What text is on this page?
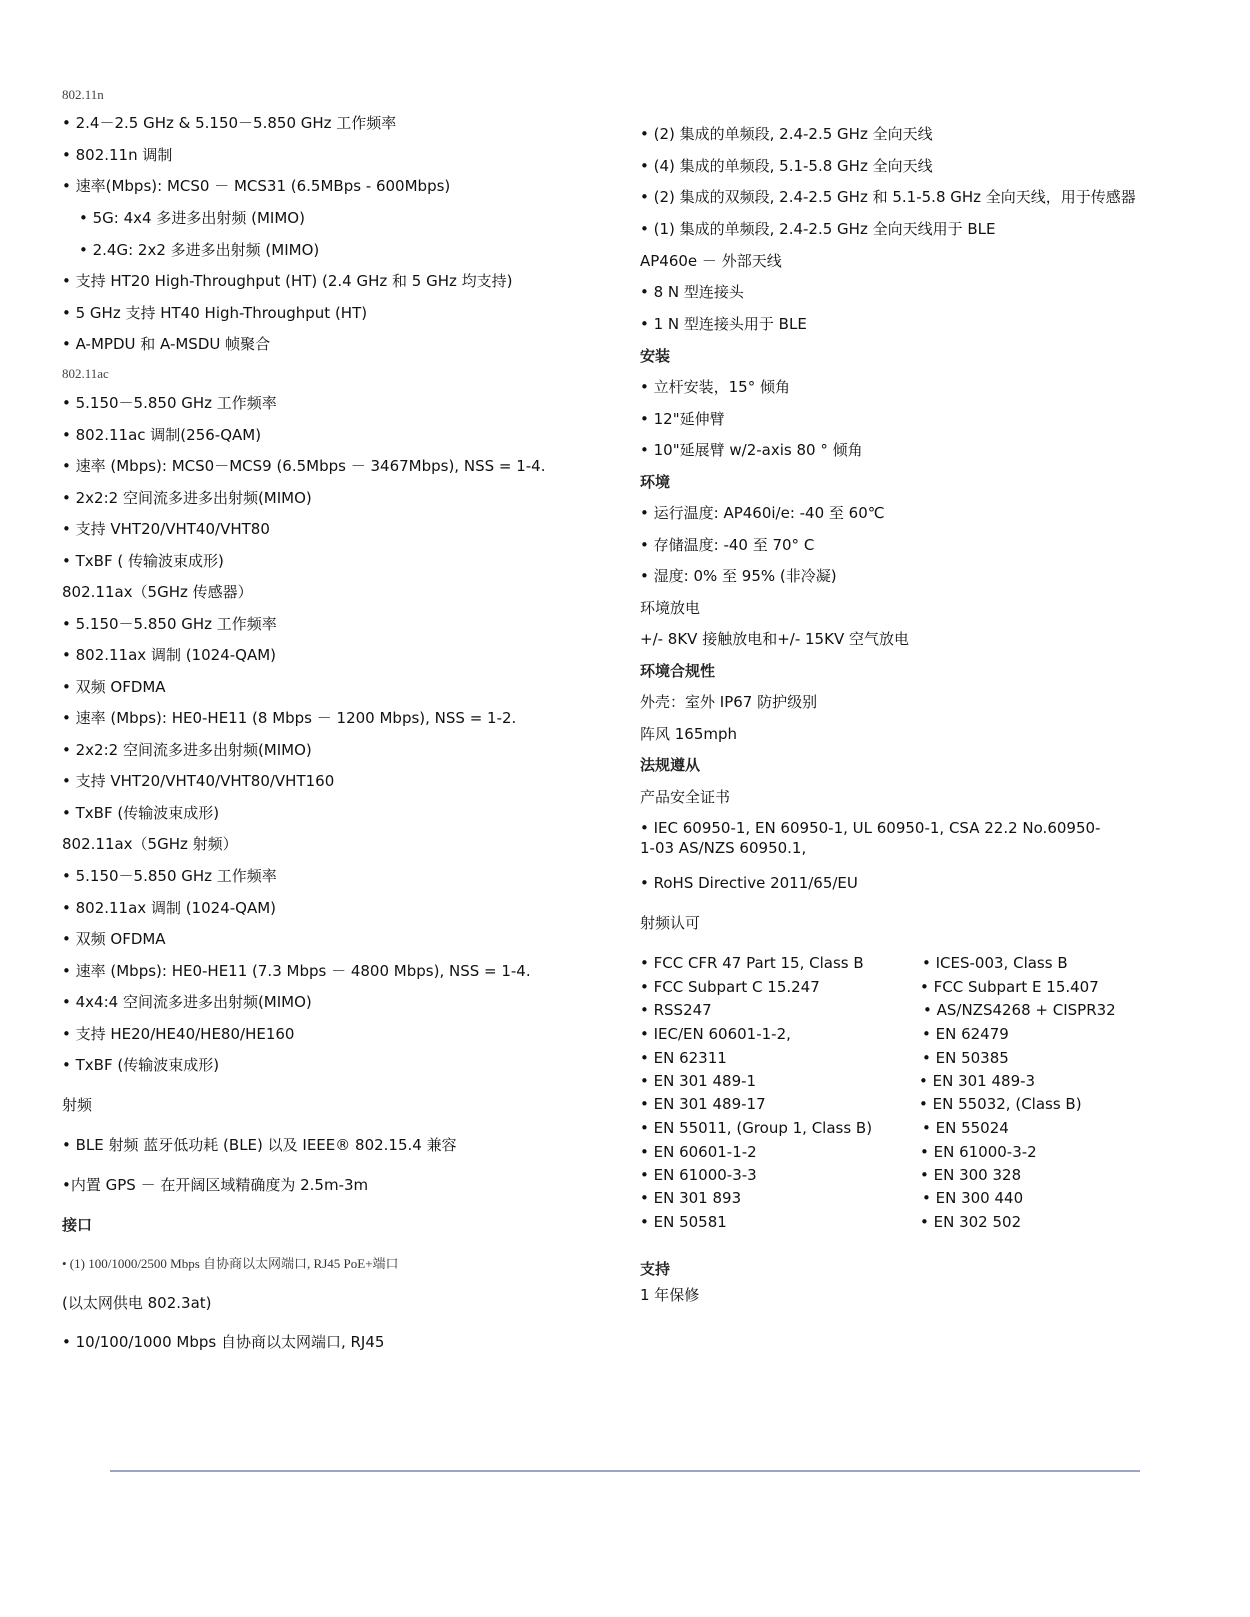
802.11n
• 2.4－2.5 GHz & 5.150－5.850 GHz 工作频率
• 802.11n 调制
• 速率(Mbps): MCS0 － MCS31 (6.5MBps - 600Mbps)
• 5G: 4x4 多进多出射频 (MIMO)
• 2.4G: 2x2 多进多出射频 (MIMO)
• 支持 HT20 High-Throughput (HT) (2.4 GHz 和 5 GHz 均支持)
• 5 GHz 支持 HT40 High-Throughput (HT)
• A-MPDU 和 A-MSDU 帧聚合
802.11ac
• 5.150－5.850 GHz 工作频率
• 802.11ac 调制(256-QAM)
• 速率 (Mbps): MCS0－MCS9 (6.5Mbps － 3467Mbps), NSS = 1-4.
• 2x2:2 空间流多进多出射频(MIMO)
• 支持 VHT20/VHT40/VHT80
• TxBF ( 传输波束成形)
802.11ax（5GHz 传感器）
• 5.150－5.850 GHz 工作频率
• 802.11ax 调制 (1024-QAM)
• 双频 OFDMA
• 速率 (Mbps): HE0-HE11 (8 Mbps － 1200 Mbps), NSS = 1-2.
• 2x2:2 空间流多进多出射频(MIMO)
• 支持 VHT20/VHT40/VHT80/VHT160
• TxBF (传输波束成形)
802.11ax（5GHz 射频）
• 5.150－5.850 GHz 工作频率
• 802.11ax 调制 (1024-QAM)
• 双频 OFDMA
• 速率 (Mbps): HE0-HE11 (7.3 Mbps － 4800 Mbps), NSS = 1-4.
• 4x4:4 空间流多进多出射频(MIMO)
• 支持 HE20/HE40/HE80/HE160
• TxBF (传输波束成形)
射频
• BLE 射频 蓝牙低功耗 (BLE) 以及 IEEE® 802.15.4 兼容
•内置 GPS － 在开阔区域精确度为 2.5m-3m
接口
• (1) 100/1000/2500 Mbps 自协商以太网端口, RJ45 PoE+端口
(以太网供电 802.3at)
• 10/100/1000 Mbps 自协商以太网端口, RJ45
• (2) 集成的单频段, 2.4-2.5 GHz 全向天线
• (4) 集成的单频段, 5.1-5.8 GHz 全向天线
• (2) 集成的双频段, 2.4-2.5 GHz 和 5.1-5.8 GHz 全向天线，用于传感器
• (1) 集成的单频段, 2.4-2.5 GHz 全向天线用于 BLE
AP460e － 外部天线
• 8 N 型连接头
• 1 N 型连接头用于 BLE
安装
• 立杆安装，15° 倾角
• 12"延伸臂
• 10"延展臂 w/2-axis 80 ° 倾角
环境
• 运行温度: AP460i/e: -40 至 60℃
• 存储温度: -40 至 70° C
• 湿度: 0% 至 95% (非冷凝)
环境放电
+/- 8KV 接触放电和+/- 15KV 空气放电
环境合规性
外壳：室外 IP67 防护级别
阵风 165mph
法规遵从
产品安全证书
• IEC 60950-1, EN 60950-1, UL 60950-1, CSA 22.2 No.60950-1-03 AS/NZS 60950.1,
• RoHS Directive 2011/65/EU
射频认可
• FCC CFR 47 Part 15, Class B	• ICES-003, Class B
• FCC Subpart C 15.247	• FCC Subpart E 15.407
• RSS247	• AS/NZS4268 + CISPR32
• IEC/EN 60601-1-2,	• EN 62479
• EN 62311	• EN 50385
• EN 301 489-1	• EN 301 489-3
• EN 301 489-17	• EN 55032, (Class B)
• EN 55011, (Group 1, Class B)	• EN 55024
• EN 60601-1-2	• EN 61000-3-2
• EN 61000-3-3	• EN 300 328
• EN 301 893	• EN 300 440
• EN 50581	• EN 302 502
支持
1 年保修
